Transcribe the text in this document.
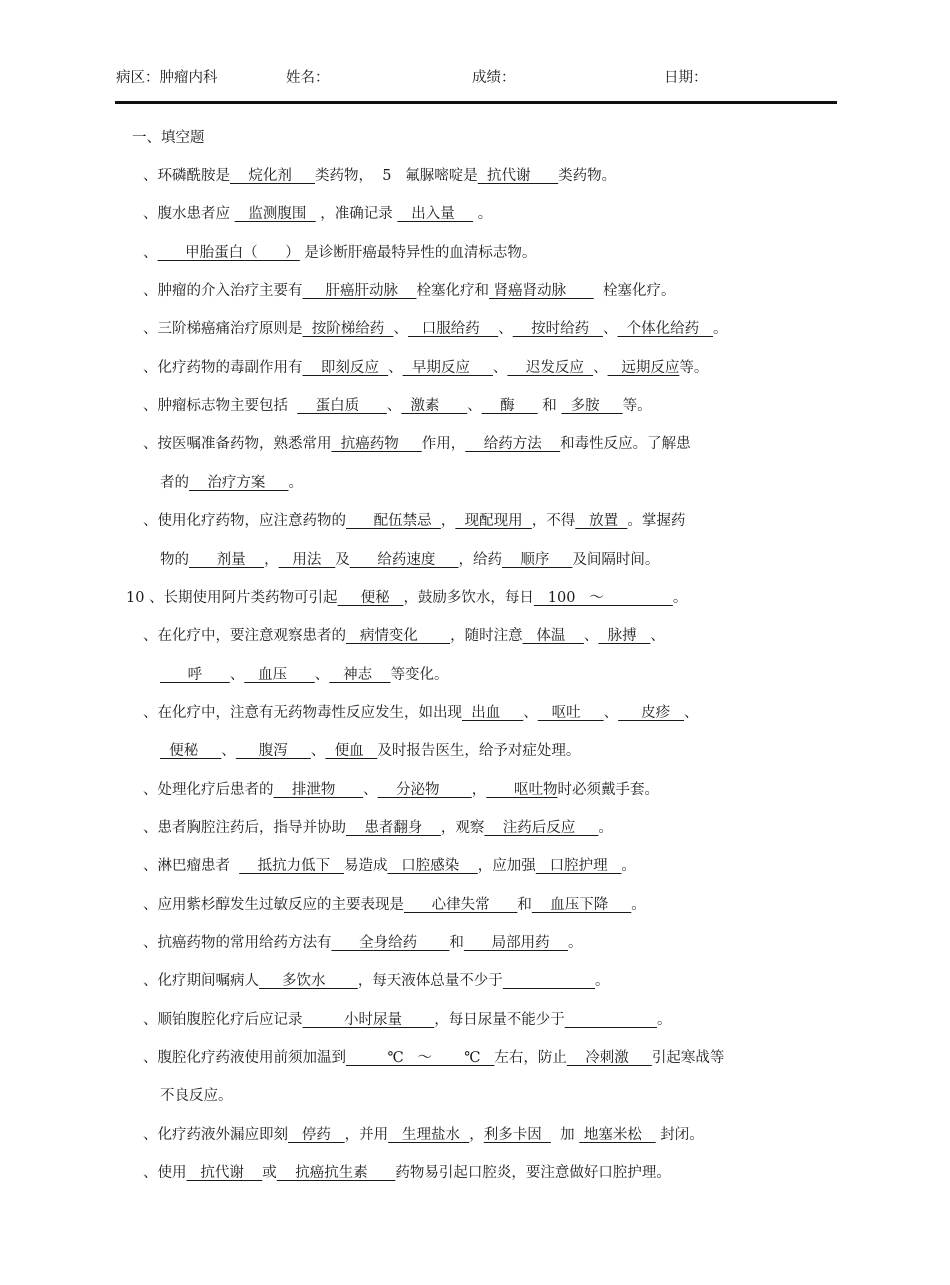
病区：肿瘤内科	姓名：	成绩：	日期：
一、填空题
、环磷酰胺是    烷化剂     类药物，  5   氟脲嘧啶是  抗代谢      类药物。
、腹水患者应    监测腹围   ，准确记录    出入量     。
、      甲胎蛋白（      ） 是诊断肝癌最特异性的血清标志物。
、肿瘤的介入治疗主要有     肝癌肝动脉    栓塞化疗和 肾癌肾动脉        栓塞化疗。
、三阶梯癌痛治疗原则是  按阶梯给药  、   口服给药    、    按时给药   、  个体化给药   。
、化疗药物的毒副作用有    即刻反应  、  早期反应     、    迟发反应  、   远期反应等。
、肿瘤标志物主要包括      蛋白质      、  激素      、    酶      和   多胺     等。
、按医嘱准备药物，熟悉常用  抗癌药物     作用，    给药方法    和毒性反应。了解患
者的    治疗方案     。
、使用化疗药物，应注意药物的      配伍禁忌  ，  现配现用  ，不得   放置  。掌握药
物的      剂量    ，   用法   及      给药速度     ，给药    顺序     及间隔时间。
10 、长期使用阿片类药物可引起     便秘   ，鼓励多饮水，每日   100   ～               。
、在化疗中，要注意观察患者的   病情变化       ，随时注意   体温    、  脉搏   、
呼      、   血压      、   神志    等变化。
、在化疗中，注意有无药物毒性反应发生，如出现  出血     、   呕吐     、     皮疹   、
便秘     、     腹泻     、  便血   及时报告医生，给予对症处理。
、处理化疗后患者的    排泄物      、    分泌物       ，      呕吐物时必须戴手套。
、患者胸腔注药后，指导并协助    患者翻身    ，观察    注药后反应     。
、淋巴瘤患者      抵抗力低下   易造成   口腔感染    ，应加强   口腔护理   。
、应用紫杉醇发生过敏反应的主要表现是      心律失常      和    血压下降     。
、抗癌药物的常用给药方法有      全身给药       和      局部用药    。
、化疗期间嘱病人     多饮水       ，每天液体总量不少于	。
、顺铂腹腔化疗后应记录         小时尿量       ，每日尿量不能少于	。
、腹腔化疗药液使用前须加温到         ℃   ～       ℃   左右，防止    冷刺激     引起寒战等
不良反应。
、化疗药液外漏应即刻   停药   ，并用   生理盐水  ，利多卡因    加  地塞米松    封闭。
、使用   抗代谢    或    抗癌抗生素      药物易引起口腔炎，要注意做好口腔护理。
